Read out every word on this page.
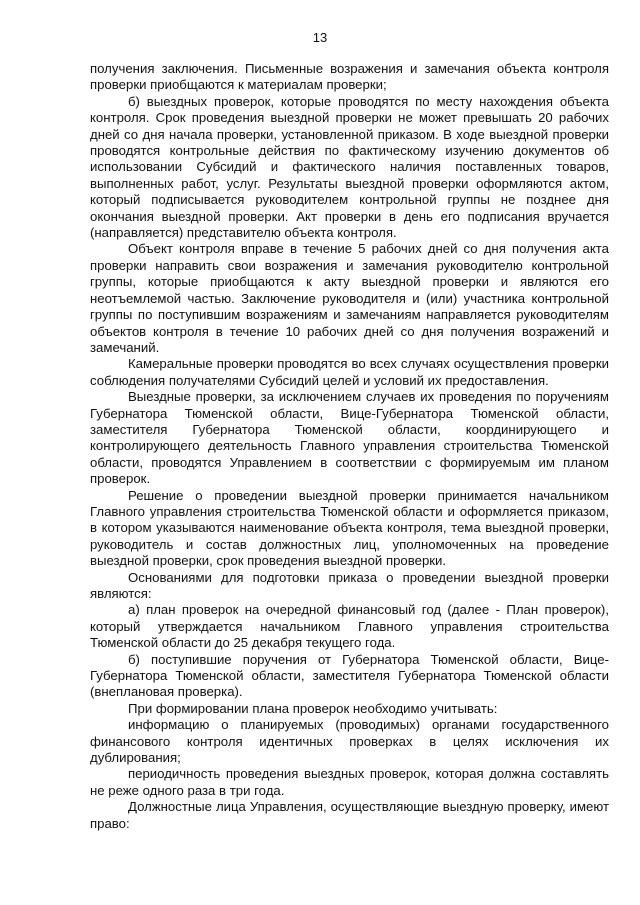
13

получения заключения. Письменные возражения и замечания объекта контроля проверки приобщаются к материалам проверки;

б) выездных проверок, которые проводятся по месту нахождения объекта контроля. Срок проведения выездной проверки не может превышать 20 рабочих дней со дня начала проверки, установленной приказом. В ходе выездной проверки проводятся контрольные действия по фактическому изучению документов об использовании Субсидий и фактического наличия поставленных товаров, выполненных работ, услуг. Результаты выездной проверки оформляются актом, который подписывается руководителем контрольной группы не позднее дня окончания выездной проверки. Акт проверки в день его подписания вручается (направляется) представителю объекта контроля.

Объект контроля вправе в течение 5 рабочих дней со дня получения акта проверки направить свои возражения и замечания руководителю контрольной группы, которые приобщаются к акту выездной проверки и являются его неотъемлемой частью. Заключение руководителя и (или) участника контрольной группы по поступившим возражениям и замечаниям направляется руководителям объектов контроля в течение 10 рабочих дней со дня получения возражений и замечаний.

Камеральные проверки проводятся во всех случаях осуществления проверки соблюдения получателями Субсидий целей и условий их предоставления.

Выездные проверки, за исключением случаев их проведения по поручениям Губернатора Тюменской области, Вице-Губернатора Тюменской области, заместителя Губернатора Тюменской области, координирующего и контролирующего деятельность Главного управления строительства Тюменской области, проводятся Управлением в соответствии с формируемым им планом проверок.

Решение о проведении выездной проверки принимается начальником Главного управления строительства Тюменской области и оформляется приказом, в котором указываются наименование объекта контроля, тема выездной проверки, руководитель и состав должностных лиц, уполномоченных на проведение выездной проверки, срок проведения выездной проверки.

Основаниями для подготовки приказа о проведении выездной проверки являются:

а) план проверок на очередной финансовый год (далее - План проверок), который утверждается начальником Главного управления строительства Тюменской области до 25 декабря текущего года.

б) поступившие поручения от Губернатора Тюменской области, Вице-Губернатора Тюменской области, заместителя Губернатора Тюменской области (внеплановая проверка).

При формировании плана проверок необходимо учитывать:

информацию о планируемых (проводимых) органами государственного финансового контроля идентичных проверках в целях исключения их дублирования;

периодичность проведения выездных проверок, которая должна составлять не реже одного раза в три года.

Должностные лица Управления, осуществляющие выездную проверку, имеют право:
